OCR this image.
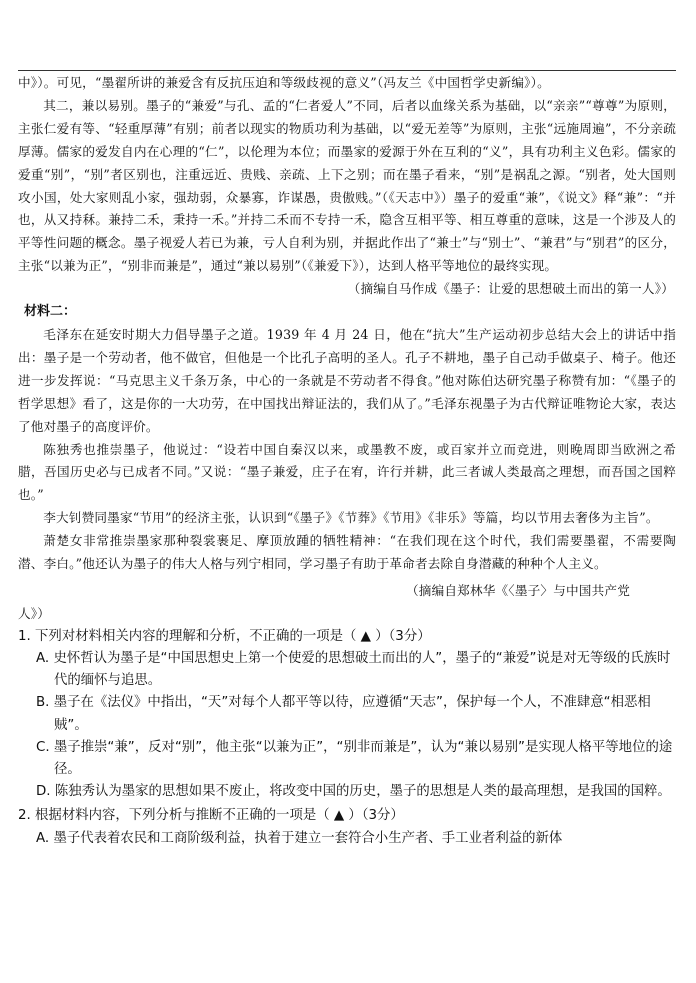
中》）。可见，“墨翟所讲的兼爱含有反抗压迫和等级歧视的意义”（冯友兰《中国哲学史新编》）。

其二，兼以易别。墨子的“兼爱”与孔、孟的“仁者爱人”不同，后者以血缘关系为基础，以“亲亲”“尊尊”为原则，主张仁爱有等、“轻重厚薄”有别；前者以现实的物质功利为基础，以“爱无差等”为原则，主张“远施周遍”，不分亲疏厚薄。儒家的爱发自内在心理的“仁”，以伦理为本位；而墨家的爱源于外在互利的“义”，具有功利主义色彩。儒家的爱重“别”，“别”者区别也，注重远近、贵贱、亲疏、上下之别；而在墨子看来，“别”是祸乱之源。“别者，处大国则攻小国，处大家则乱小家，强劫弱，众暴寡，诈谋愚，贵傲贱。”（《天志中》）墨子的爱重“兼”，《说文》释“兼”：“并也，从又持秝。兼持二禾，秉持一禾。”并持二禾而不专持一禾，隐含互相平等、相互尊重的意味，这是一个涉及人的平等性问题的概念。墨子视爱人若已为兼，亏人自利为别，并据此作出了“兼士”与“别士”、“兼君”与“别君”的区分，主张“以兼为正”，“别非而兼是”，通过“兼以易别”（《兼爱下》），达到人格平等地位的最终实现。

（摘编自马作成《墨子：让爱的思想破土而出的第一人》）

材料二：

毛泽东在延安时期大力倡导墨子之道。1939 年 4 月 24 日，他在“抗大”生产运动初步总结大会上的讲话中指出：墨子是一个劳动者，他不做官，但他是一个比孔子高明的圣人。孔子不耕地，墨子自己动手做桌子、椅子。他还进一步发挥说：“马克思主义千条万条，中心的一条就是不劳动者不得食。”他对陈伯达研究墨子称赞有加：“《墨子的哲学思想》看了，这是你的一大功劳，在中国找出辩证法的，我们从了。”毛泽东视墨子为古代辩证唯物论大家，表达了他对墨子的高度评价。

陈独秀也推崇墨子，他说过：“设若中国自秦汉以来，或墨教不废，或百家并立而竞进，则晚周即当欧洲之希腊，吾国历史必与已成者不同。”又说：“墨子兼爱，庄子在宥，许行并耕，此三者诚人类最高之理想，而吾国之国粹也。”

李大钊赞同墨家“节用”的经济主张，认识到“《墨子》《节葬》《节用》《非乐》等篇，均以节用去奢侈为主旨”。

萧楚女非常推崇墨家那种裂裳裹足、摩顶放踵的牺牲精神：“在我们现在这个时代，我们需要墨翟，不需要陶潜、李白。”他还认为墨子的伟大人格与列宁相同，学习墨子有助于革命者去除自身潜藏的种种个人主义。

（摘编自郑林华《〈墨子〉与中国共产党

人》）

1. 下列对材料相关内容的理解和分析，不正确的一项是（ ▲ ）（3分）

A. 史怀哲认为墨子是“中国思想史上第一个使爱的思想破土而出的人”，墨子的“兼爱”说是对无等级的氏族时代的缅怀与追思。

B. 墨子在《法仪》中指出，“天”对每个人都平等以待，应遵循“天志”，保护每一个人，不准肆意“相恶相贼”。

C. 墨子推崇“兼”，反对“别”，他主张“以兼为正”，“别非而兼是”，认为“兼以易别”是实现人格平等地位的途径。

D. 陈独秀认为墨家的思想如果不废止，将改变中国的历史，墨子的思想是人类的最高理想，是我国的国粹。

2. 根据材料内容，下列分析与推断不正确的一项是（ ▲ ）（3分）

A. 墨子代表着农民和工商阶级利益，执着于建立一套符合小生产者、手工业者利益的新体
